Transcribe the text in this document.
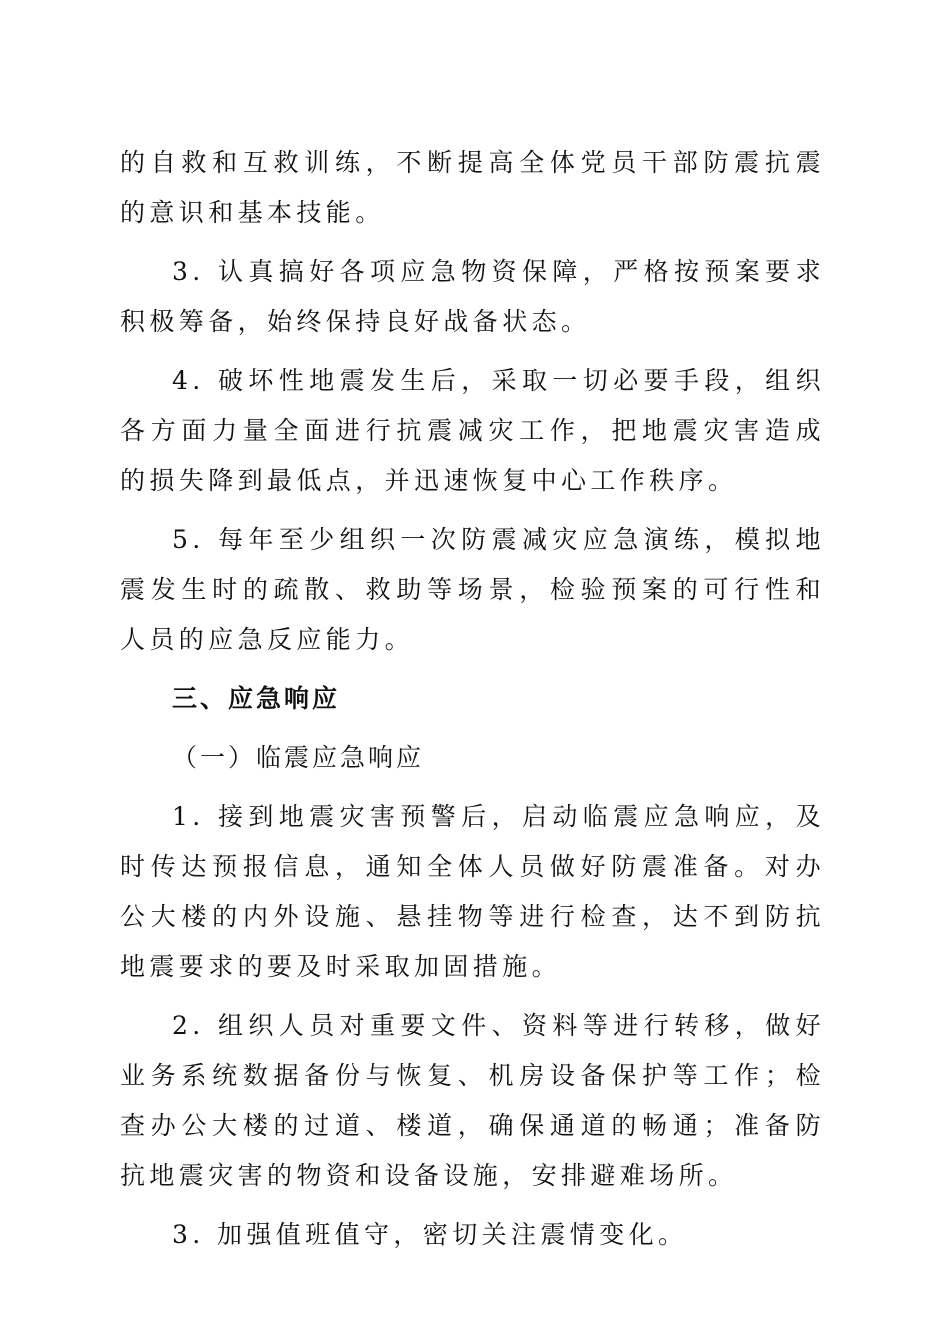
的自救和互救训练，不断提高全体党员干部防震抗震的意识和基本技能。

3. 认真搞好各项应急物资保障，严格按预案要求积极筹备，始终保持良好战备状态。

4. 破坏性地震发生后，采取一切必要手段，组织各方面力量全面进行抗震减灾工作，把地震灾害造成的损失降到最低点，并迅速恢复中心工作秩序。

5. 每年至少组织一次防震减灾应急演练，模拟地震发生时的疏散、救助等场景，检验预案的可行性和人员的应急反应能力。

三、应急响应

（一）临震应急响应

1. 接到地震灾害预警后，启动临震应急响应，及时传达预报信息，通知全体人员做好防震准备。对办公大楼的内外设施、悬挂物等进行检查，达不到防抗地震要求的要及时采取加固措施。

2. 组织人员对重要文件、资料等进行转移，做好业务系统数据备份与恢复、机房设备保护等工作；检查办公大楼的过道、楼道，确保通道的畅通；准备防抗地震灾害的物资和设备设施，安排避难场所。

3. 加强值班值守，密切关注震情变化。
